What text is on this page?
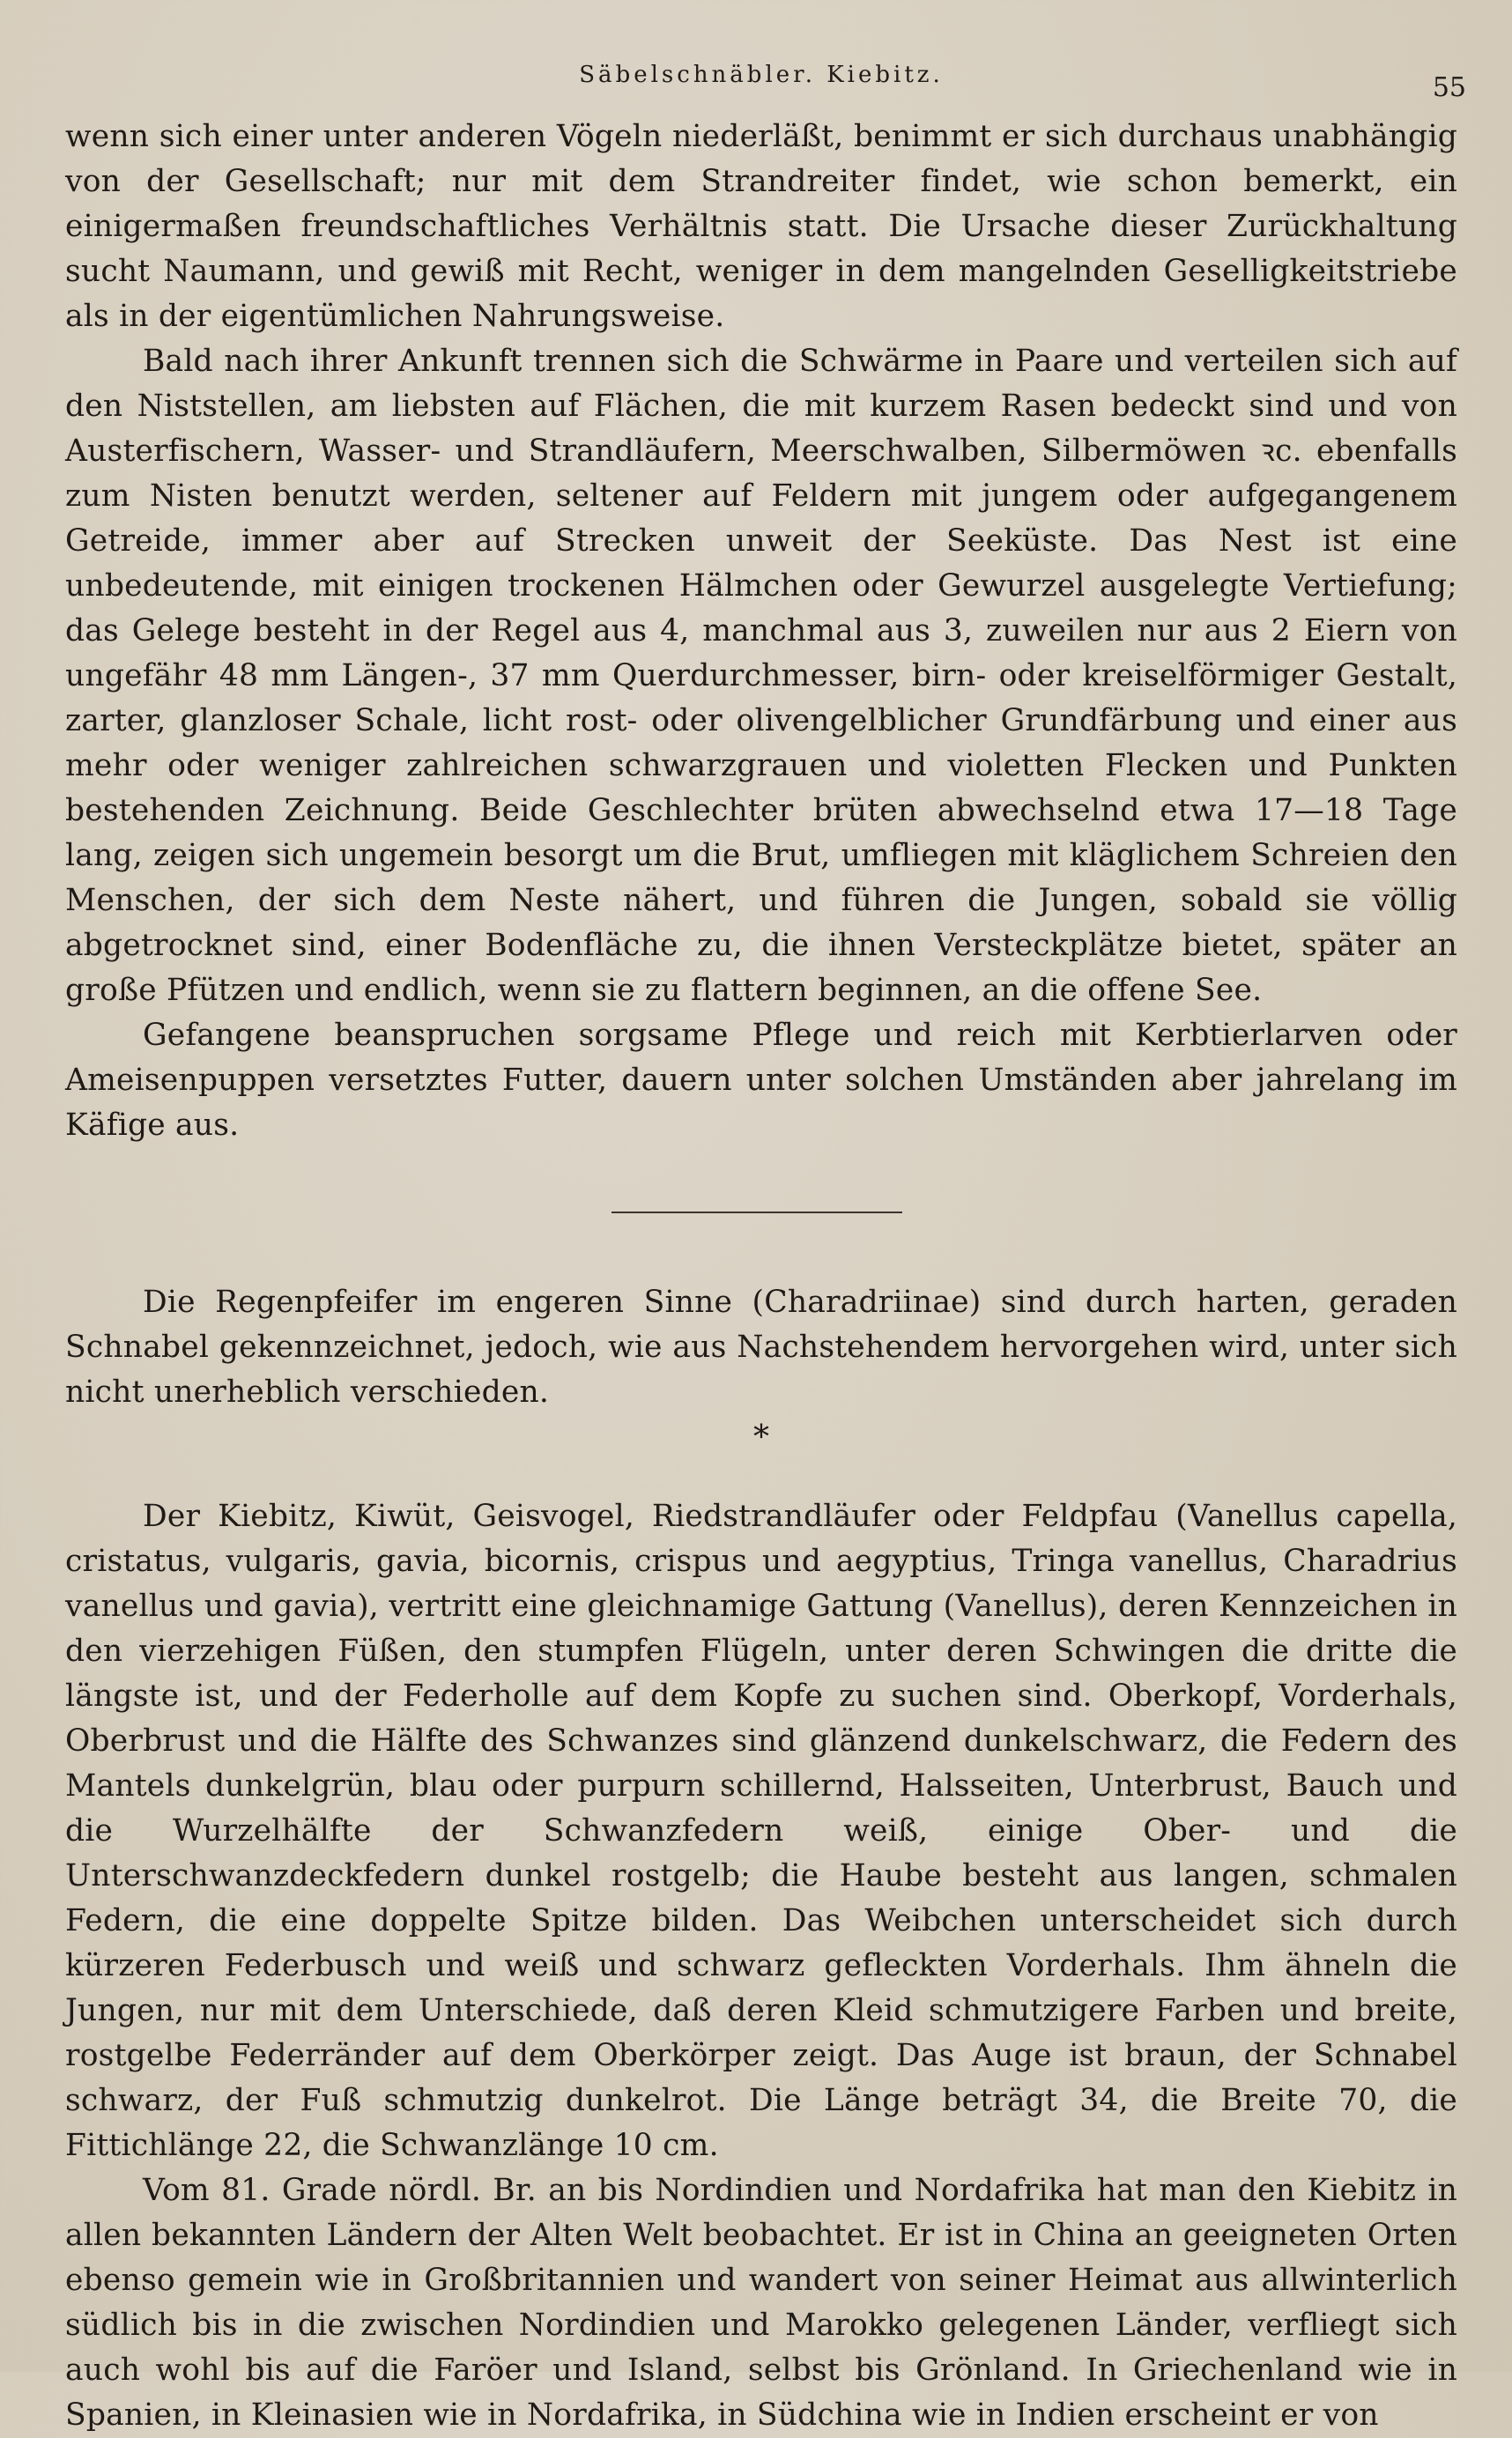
Säbelschnäbler. Kiebitz.	55

wenn sich einer unter anderen Vögeln niederläßt, benimmt er sich durchaus unabhängig von der Gesellschaft; nur mit dem Strandreiter findet, wie schon bemerkt, ein einigermaßen freundschaftliches Verhältnis statt. Die Ursache dieser Zurückhaltung sucht Naumann, und gewiß mit Recht, weniger in dem mangelnden Geselligkeitstriebe als in der eigentümlichen Nahrungsweise.

Bald nach ihrer Ankunft trennen sich die Schwärme in Paare und verteilen sich auf den Niststellen, am liebsten auf Flächen, die mit kurzem Rasen bedeckt sind und von Austerfischern, Wasser- und Strandläufern, Meerschwalben, Silbermöwen ꝛc. ebenfalls zum Nisten benutzt werden, seltener auf Feldern mit jungem oder aufgegangenem Getreide, immer aber auf Strecken unweit der Seeküste. Das Nest ist eine unbedeutende, mit einigen trockenen Hälmchen oder Gewurzel ausgelegte Vertiefung; das Gelege besteht in der Regel aus 4, manchmal aus 3, zuweilen nur aus 2 Eiern von ungefähr 48 mm Längen-, 37 mm Querdurchmesser, birn- oder kreiselförmiger Gestalt, zarter, glanzloser Schale, licht rost- oder olivengelblicher Grundfärbung und einer aus mehr oder weniger zahlreichen schwarzgrauen und violetten Flecken und Punkten bestehenden Zeichnung. Beide Geschlechter brüten abwechselnd etwa 17—18 Tage lang, zeigen sich ungemein besorgt um die Brut, umfliegen mit kläglichem Schreien den Menschen, der sich dem Neste nähert, und führen die Jungen, sobald sie völlig abgetrocknet sind, einer Bodenfläche zu, die ihnen Versteckplätze bietet, später an große Pfützen und endlich, wenn sie zu flattern beginnen, an die offene See.

Gefangene beanspruchen sorgsame Pflege und reich mit Kerbtierlarven oder Ameisenpuppen versetztes Futter, dauern unter solchen Umständen aber jahrelang im Käfige aus.

Die Regenpfeifer im engeren Sinne (Charadriinae) sind durch harten, geraden Schnabel gekennzeichnet, jedoch, wie aus Nachstehendem hervorgehen wird, unter sich nicht unerheblich verschieden.

*

Der Kiebitz, Kiwüt, Geisvogel, Riedstrandläufer oder Feldpfau (Vanellus capella, cristatus, vulgaris, gavia, bicornis, crispus und aegyptius, Tringa vanellus, Charadrius vanellus und gavia), vertritt eine gleichnamige Gattung (Vanellus), deren Kennzeichen in den vierzehigen Füßen, den stumpfen Flügeln, unter deren Schwingen die dritte die längste ist, und der Federholle auf dem Kopfe zu suchen sind. Oberkopf, Vorderhals, Oberbrust und die Hälfte des Schwanzes sind glänzend dunkelschwarz, die Federn des Mantels dunkelgrün, blau oder purpurn schillernd, Halsseiten, Unterbrust, Bauch und die Wurzelhälfte der Schwanzfedern weiß, einige Ober- und die Unterschwanzdeckfedern dunkel rostgelb; die Haube besteht aus langen, schmalen Federn, die eine doppelte Spitze bilden. Das Weibchen unterscheidet sich durch kürzeren Federbusch und weiß und schwarz gefleckten Vorderhals. Ihm ähneln die Jungen, nur mit dem Unterschiede, daß deren Kleid schmutzigere Farben und breite, rostgelbe Federränder auf dem Oberkörper zeigt. Das Auge ist braun, der Schnabel schwarz, der Fuß schmutzig dunkelrot. Die Länge beträgt 34, die Breite 70, die Fittichlänge 22, die Schwanzlänge 10 cm.

Vom 81. Grade nördl. Br. an bis Nordindien und Nordafrika hat man den Kiebitz in allen bekannten Ländern der Alten Welt beobachtet. Er ist in China an geeigneten Orten ebenso gemein wie in Großbritannien und wandert von seiner Heimat aus allwinterlich südlich bis in die zwischen Nordindien und Marokko gelegenen Länder, verfliegt sich auch wohl bis auf die Faröer und Island, selbst bis Grönland. In Griechenland wie in Spanien, in Kleinasien wie in Nordafrika, in Südchina wie in Indien erscheint er von
